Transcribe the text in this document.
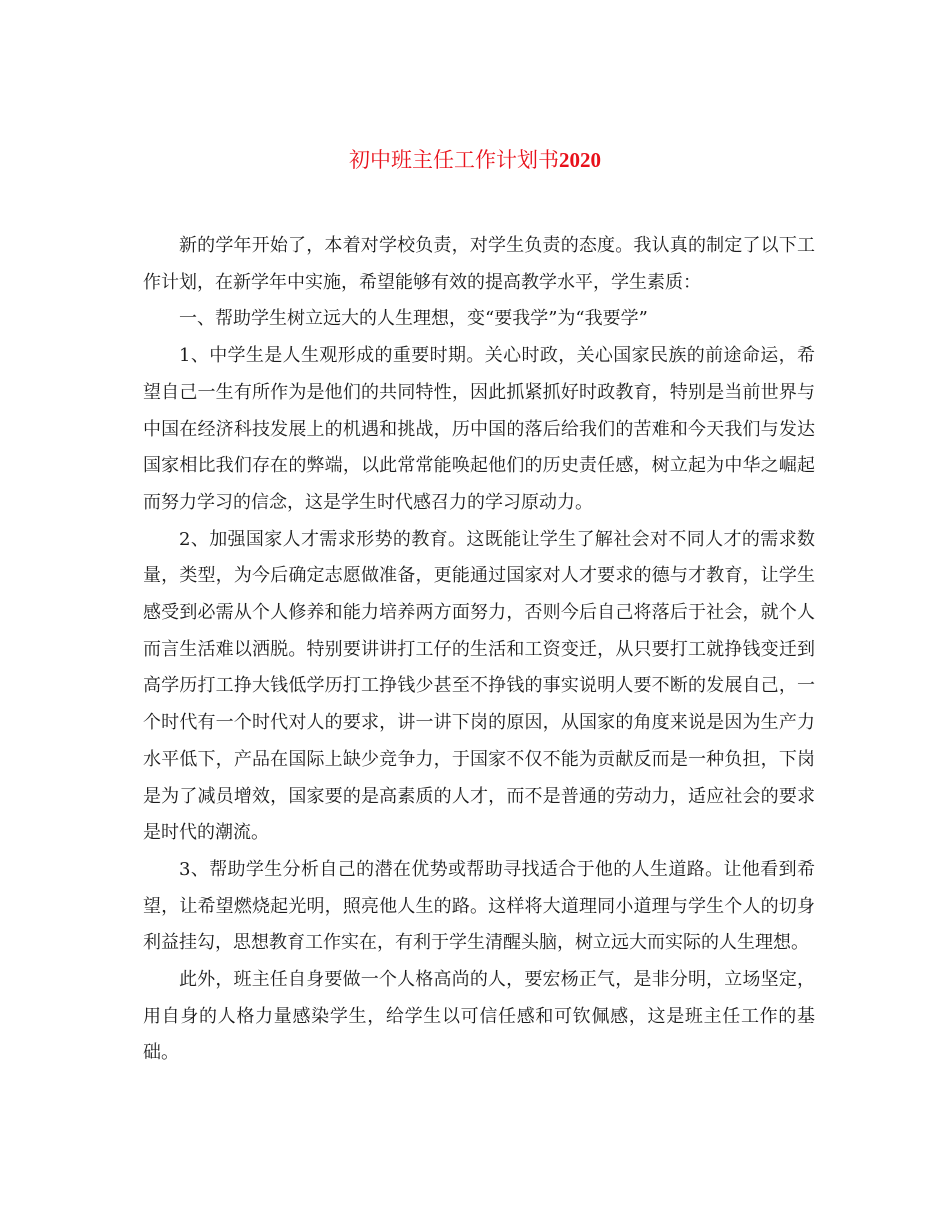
初中班主任工作计划书2020

新的学年开始了，本着对学校负责，对学生负责的态度。我认真的制定了以下工作计划，在新学年中实施，希望能够有效的提高教学水平，学生素质：

一、帮助学生树立远大的人生理想，变“要我学”为“我要学”

1、中学生是人生观形成的重要时期。关心时政，关心国家民族的前途命运，希望自己一生有所作为是他们的共同特性，因此抓紧抓好时政教育，特别是当前世界与中国在经济科技发展上的机遇和挑战，历中国的落后给我们的苦难和今天我们与发达国家相比我们存在的弊端，以此常常能唤起他们的历史责任感，树立起为中华之崛起而努力学习的信念，这是学生时代感召力的学习原动力。

2、加强国家人才需求形势的教育。这既能让学生了解社会对不同人才的需求数量，类型，为今后确定志愿做准备，更能通过国家对人才要求的德与才教育，让学生感受到必需从个人修养和能力培养两方面努力，否则今后自己将落后于社会，就个人而言生活难以洒脱。特别要讲讲打工仔的生活和工资变迁，从只要打工就挣钱变迁到高学历打工挣大钱低学历打工挣钱少甚至不挣钱的事实说明人要不断的发展自己，一个时代有一个时代对人的要求，讲一讲下岗的原因，从国家的角度来说是因为生产力水平低下，产品在国际上缺少竞争力，于国家不仅不能为贡献反而是一种负担，下岗是为了减员增效，国家要的是高素质的人才，而不是普通的劳动力，适应社会的要求是时代的潮流。

3、帮助学生分析自己的潜在优势或帮助寻找适合于他的人生道路。让他看到希望，让希望燃烧起光明，照亮他人生的路。这样将大道理同小道理与学生个人的切身利益挂勾，思想教育工作实在，有利于学生清醒头脑，树立远大而实际的人生理想。

此外，班主任自身要做一个人格高尚的人，要宏杨正气，是非分明，立场坚定，用自身的人格力量感染学生，给学生以可信任感和可钦佩感，这是班主任工作的基础。
